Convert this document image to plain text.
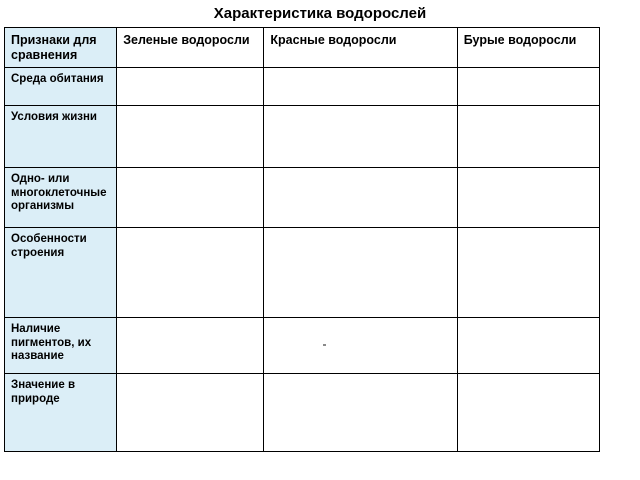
Характеристика водорослей
Признаки для сравнения	Зеленые водоросли	Красные водоросли	Бурые водоросли
Среда обитания			
Условия жизни			
Одно- или многоклеточные организмы			
Особенности строения			
Наличие пигментов, их название			
Значение в природе			
